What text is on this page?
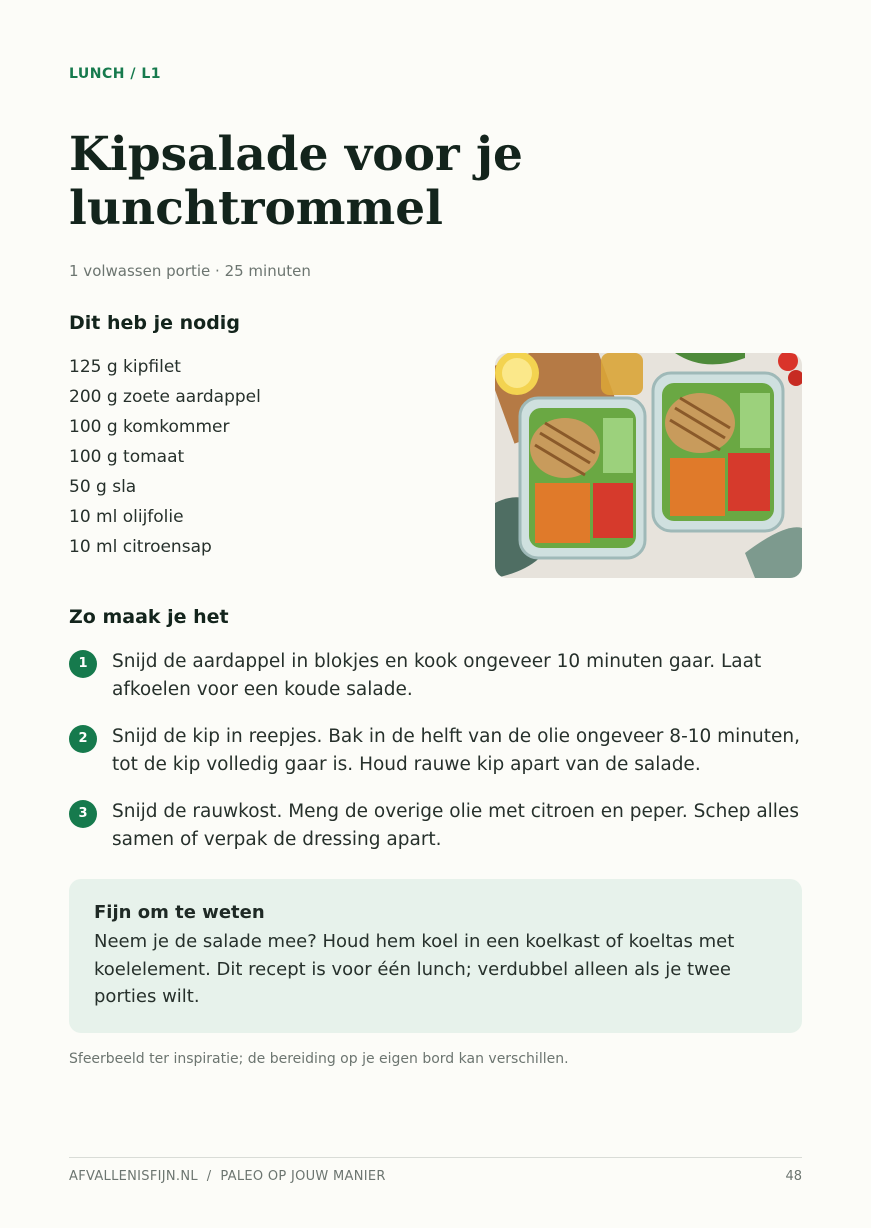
LUNCH / L1
Kipsalade voor je lunchtrommel
1 volwassen portie · 25 minuten
Dit heb je nodig
125 g kipfilet
200 g zoete aardappel
100 g komkommer
100 g tomaat
50 g sla
10 ml olijfolie
10 ml citroensap
Zo maak je het
1	Snijd de aardappel in blokjes en kook ongeveer 10 minuten gaar. Laat afkoelen voor een koude salade.
2	Snijd de kip in reepjes. Bak in de helft van de olie ongeveer 8-10 minuten, tot de kip volledig gaar is. Houd rauwe kip apart van de salade.
3	Snijd de rauwkost. Meng de overige olie met citroen en peper. Schep alles samen of verpak de dressing apart.
Fijn om te weten
Neem je de salade mee? Houd hem koel in een koelkast of koeltas met koelelement. Dit recept is voor één lunch; verdubbel alleen als je twee porties wilt.
Sfeerbeeld ter inspiratie; de bereiding op je eigen bord kan verschillen.
AFVALLENISFIJN.NL  /  PALEO OP JOUW MANIER	48
